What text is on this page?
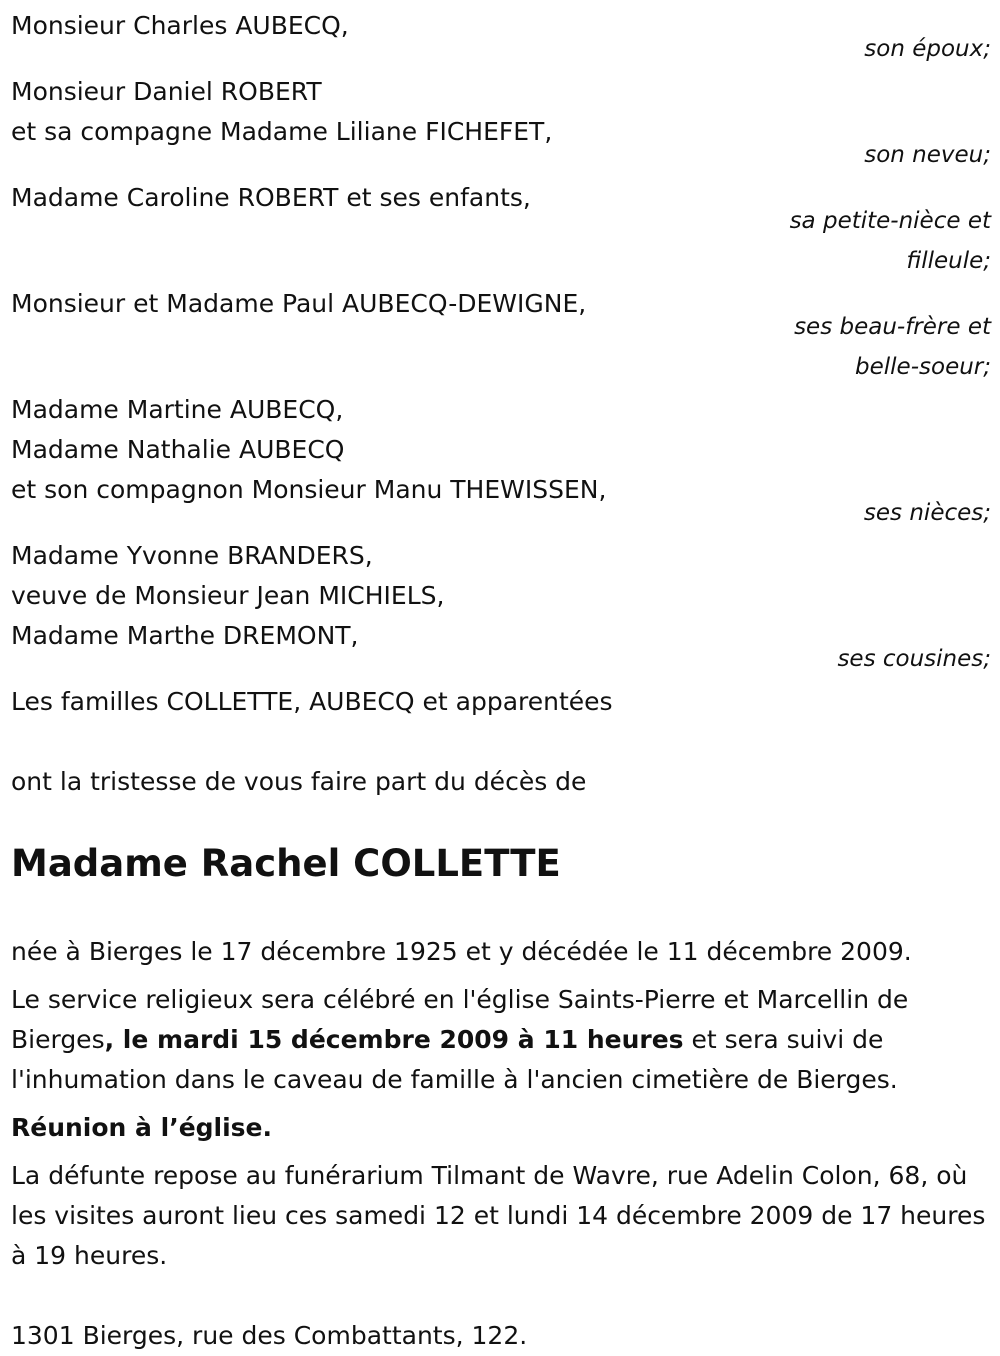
Monsieur Charles AUBECQ,
son époux;
Monsieur Daniel ROBERT
et sa compagne Madame Liliane FICHEFET,
son neveu;
Madame Caroline ROBERT et ses enfants,
sa petite-nièce et
filleule;
Monsieur et Madame Paul AUBECQ-DEWIGNE,
ses beau-frère et
belle-soeur;
Madame Martine AUBECQ,
Madame Nathalie AUBECQ
et son compagnon Monsieur Manu THEWISSEN,
ses nièces;
Madame Yvonne BRANDERS,
veuve de Monsieur Jean MICHIELS,
Madame Marthe DREMONT,
ses cousines;
Les familles COLLETTE, AUBECQ et apparentées
ont la tristesse de vous faire part du décès de
Madame Rachel COLLETTE
née à Bierges le 17 décembre 1925 et y décédée le 11 décembre 2009.
Le service religieux sera célébré en l'église Saints-Pierre et Marcellin de Bierges, le mardi 15 décembre 2009 à 11 heures et sera suivi de l'inhumation dans le caveau de famille à l'ancien cimetière de Bierges.
Réunion à l’église.
La défunte repose au funérarium Tilmant de Wavre, rue Adelin Colon, 68, où les visites auront lieu ces samedi 12 et lundi 14 décembre 2009 de 17 heures à 19 heures.
1301 Bierges, rue des Combattants, 122.
